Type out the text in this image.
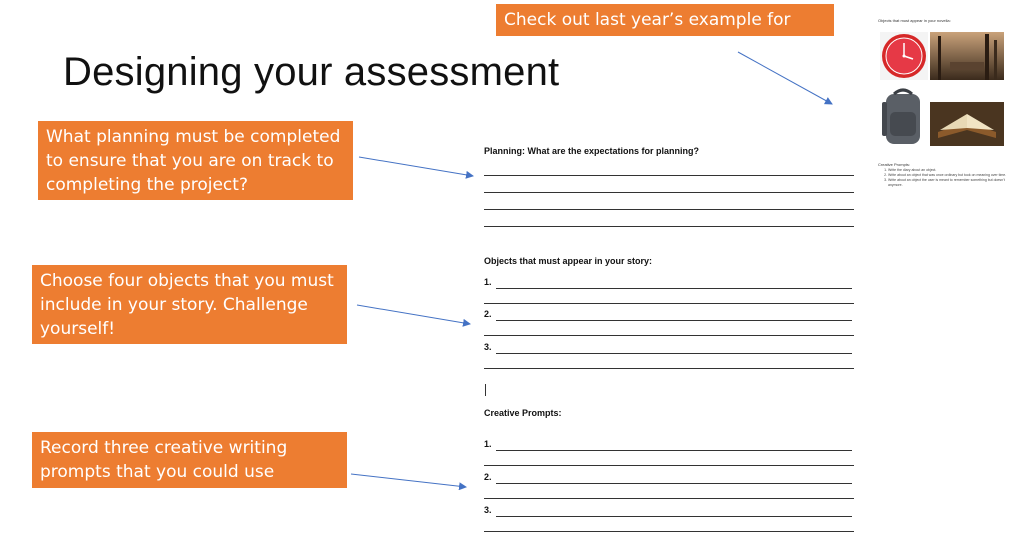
Designing your assessment
What planning must be completed to ensure that you are on track to completing the project?
Choose four objects that you must include in your story. Challenge yourself!
Record three creative writing prompts that you could use
Check out last year’s example for help!
Planning: What are the expectations for planning?
Objects that must appear in your story:
1.
2.
3.
Creative Prompts:
1.
2.
3.
Objects that must appear in your novella:
Creative Prompts:
1. Write the diary about an object.
2. Write about an object that was once ordinary but took on meaning over time.
3. Write about an object the user is meant to remember something but doesn’t anymore.
